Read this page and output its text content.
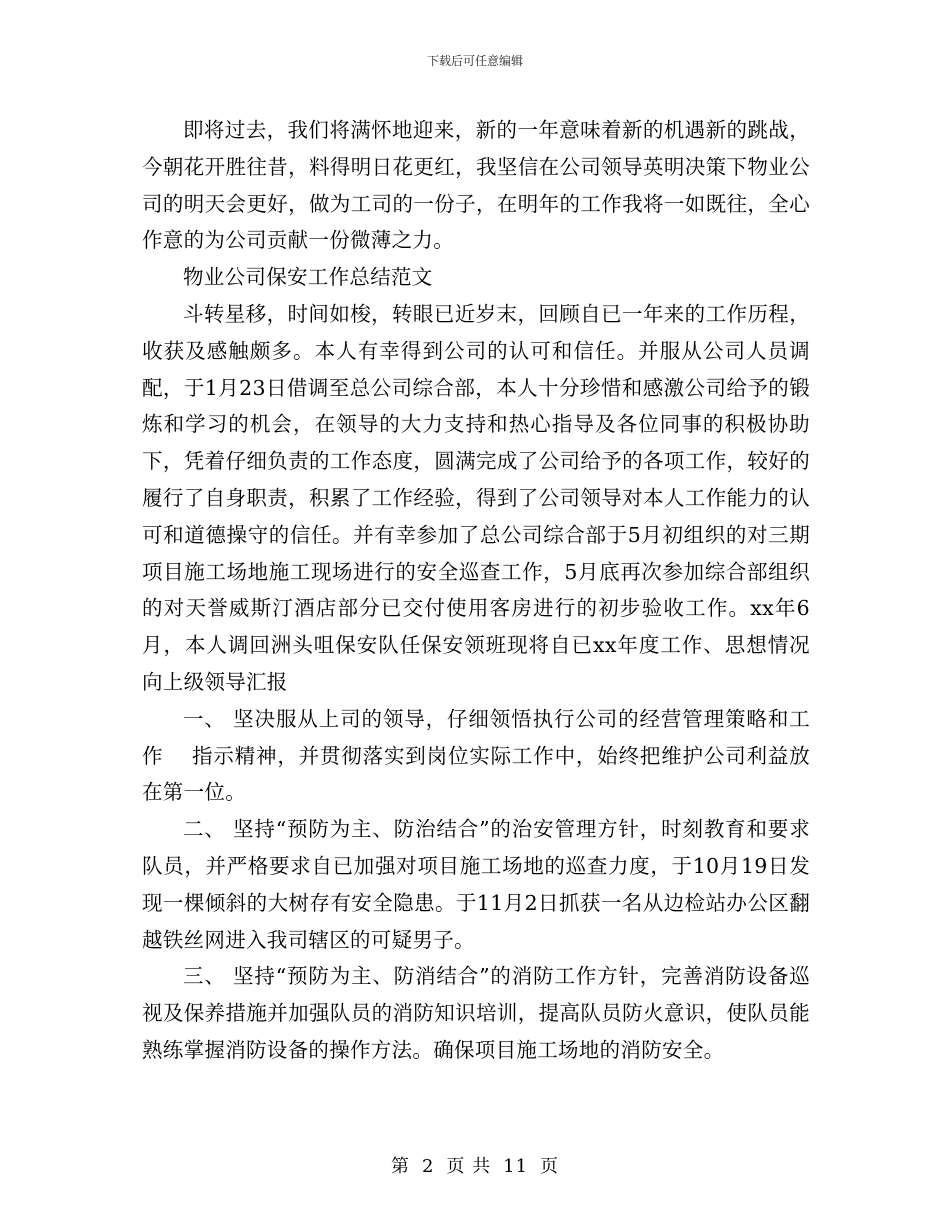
下载后可任意编辑

即将过去，我们将满怀地迎来，新的一年意味着新的机遇新的跳战，今朝花开胜往昔，料得明日花更红，我坚信在公司领导英明决策下物业公司的明天会更好，做为工司的一份子，在明年的工作我将一如既往，全心作意的为公司贡献一份微薄之力。

物业公司保安工作总结范文

斗转星移，时间如梭，转眼已近岁末，回顾自已一年来的工作历程，收获及感触颇多。本人有幸得到公司的认可和信任。并服从公司人员调配，于1月23日借调至总公司综合部，本人十分珍惜和感激公司给予的锻炼和学习的机会，在领导的大力支持和热心指导及各位同事的积极协助下，凭着仔细负责的工作态度，圆满完成了公司给予的各项工作，较好的履行了自身职责，积累了工作经验，得到了公司领导对本人工作能力的认可和道德操守的信任。并有幸参加了总公司综合部于5月初组织的对三期项目施工场地施工现场进行的安全巡查工作，5月底再次参加综合部组织的对天誉威斯汀酒店部分已交付使用客房进行的初步验收工作。xx年6月，本人调回洲头咀保安队任保安领班现将自已xx年度工作、思想情况向上级领导汇报

一、 坚决服从上司的领导，仔细领悟执行公司的经营管理策略和工作　 指示精神，并贯彻落实到岗位实际工作中，始终把维护公司利益放在第一位。

二、 坚持“预防为主、防治结合”的治安管理方针，时刻教育和要求队员，并严格要求自已加强对项目施工场地的巡查力度，于10月19日发现一棵倾斜的大树存有安全隐患。于11月2日抓获一名从边检站办公区翻越铁丝网进入我司辖区的可疑男子。

三、 坚持“预防为主、防消结合”的消防工作方针，完善消防设备巡视及保养措施并加强队员的消防知识培训，提高队员防火意识，使队员能熟练掌握消防设备的操作方法。确保项目施工场地的消防安全。

第 2 页 共 11 页
